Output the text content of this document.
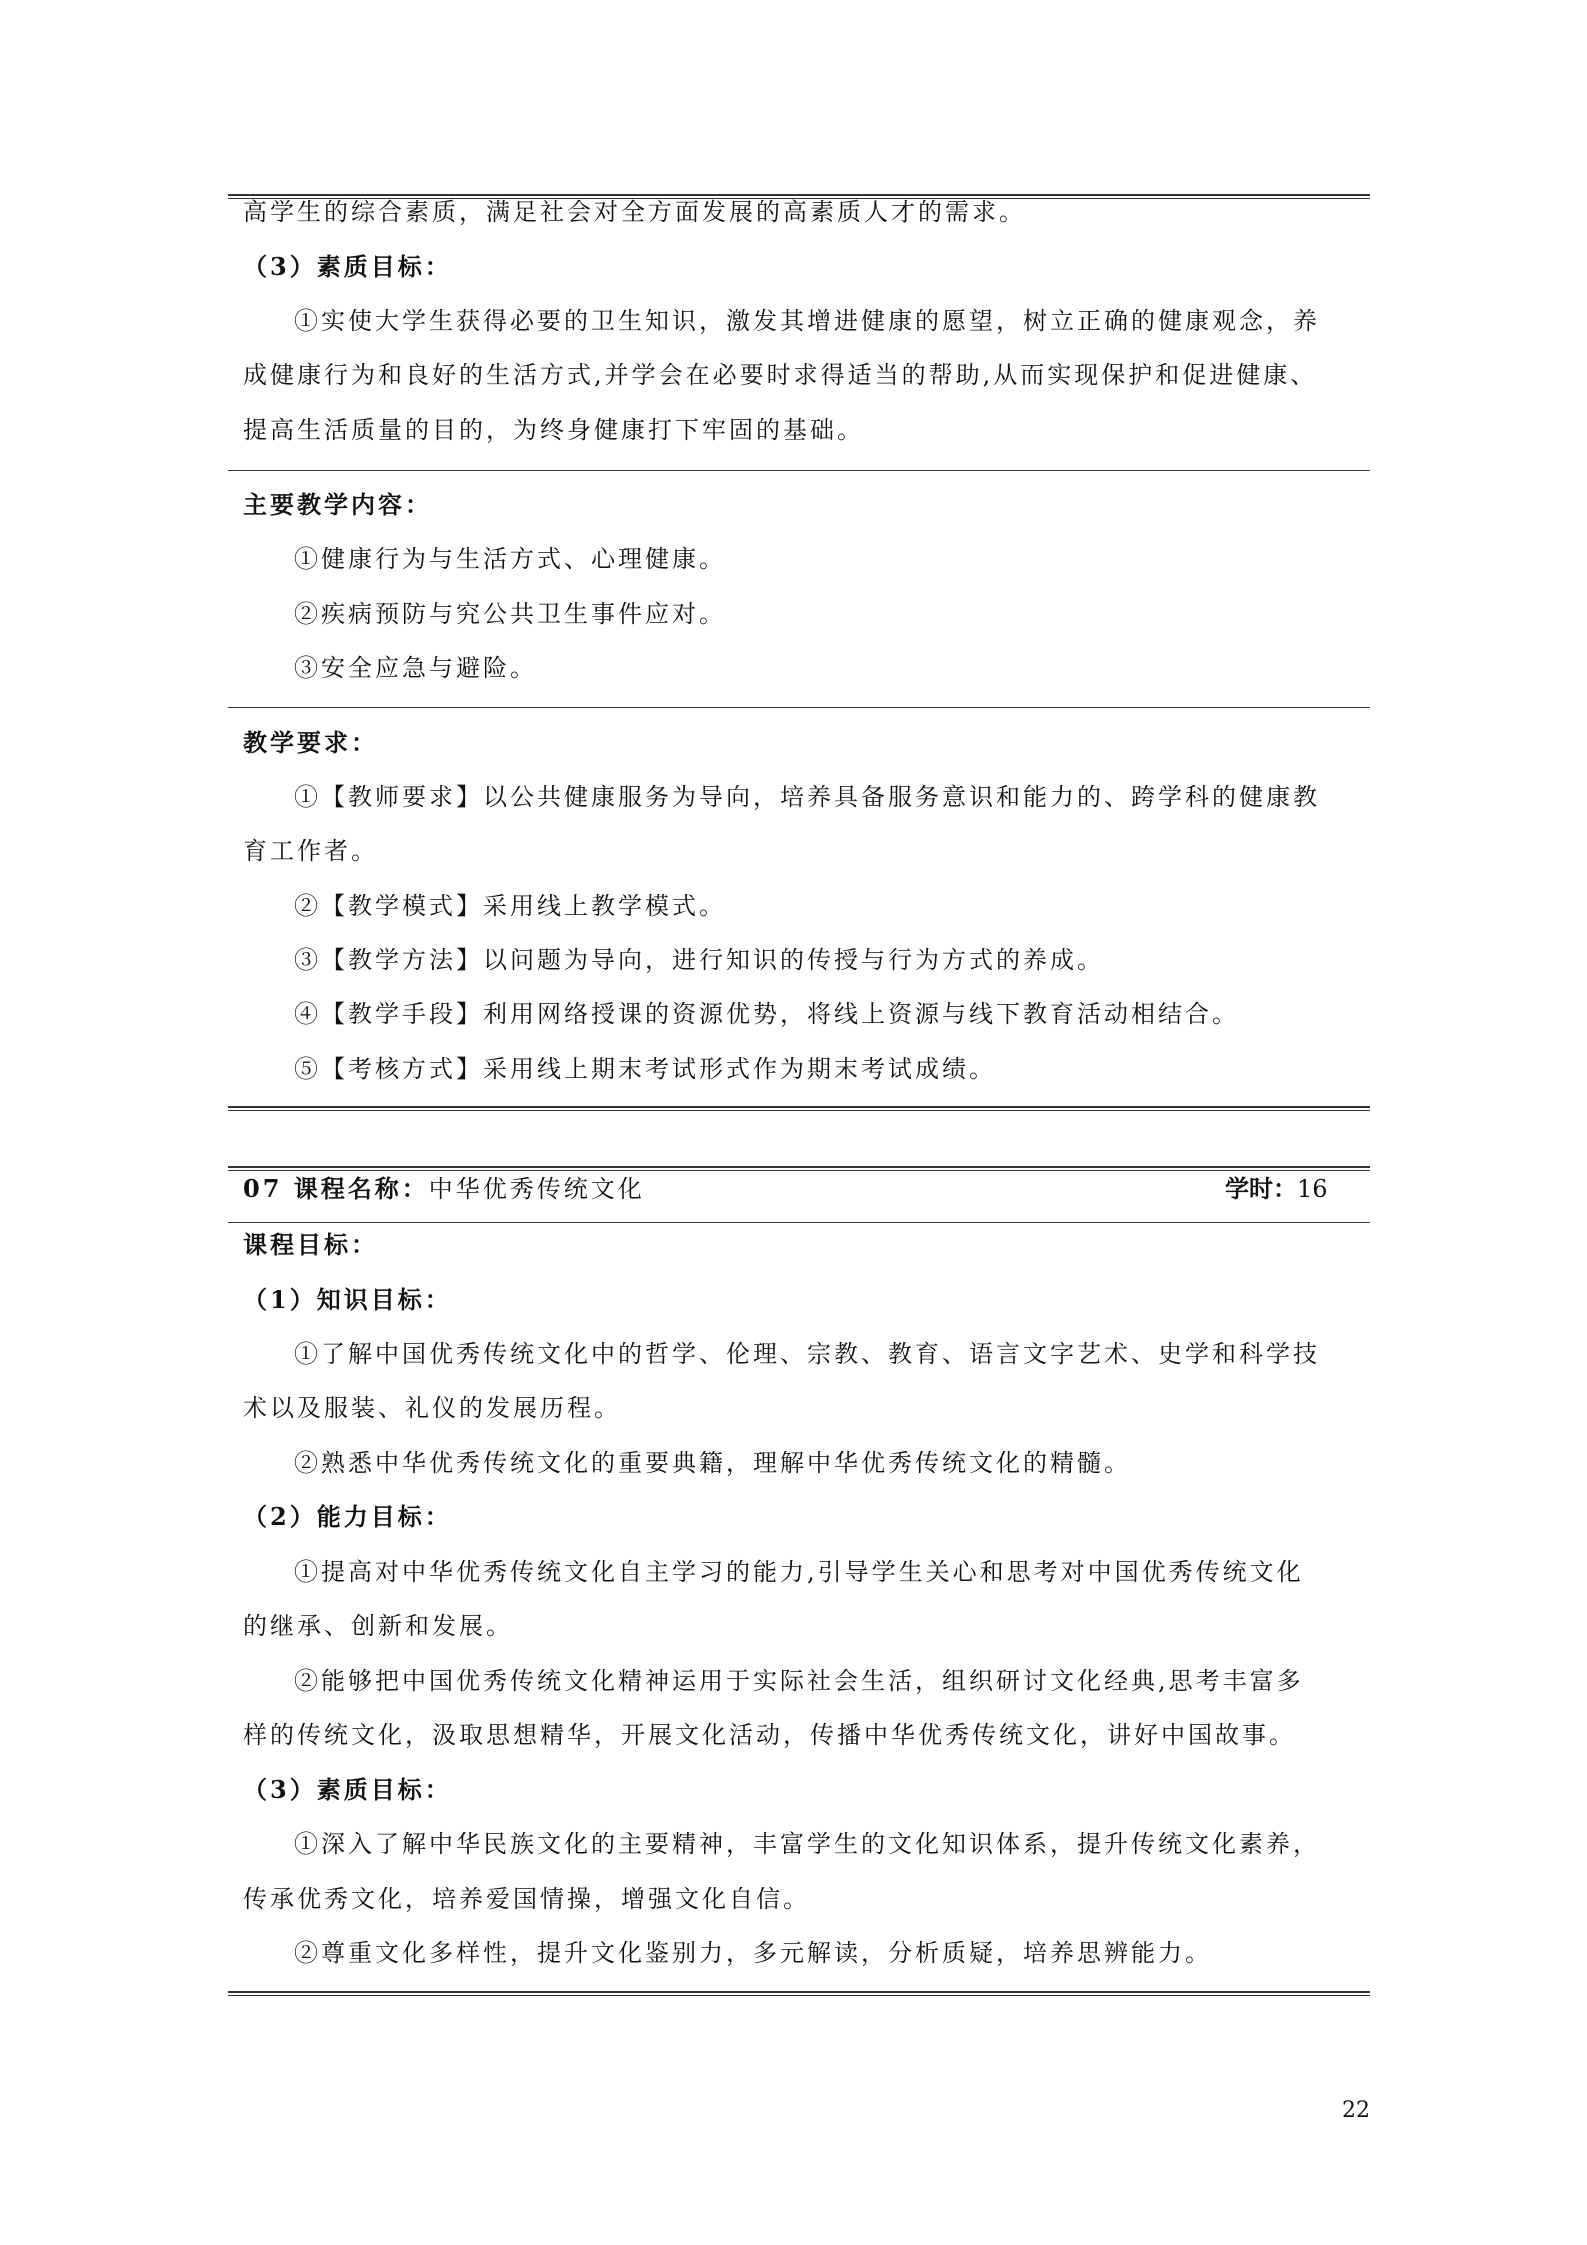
高学生的综合素质，满足社会对全方面发展的高素质人才的需求。
（3）素质目标：
①实使大学生获得必要的卫生知识，激发其增进健康的愿望，树立正确的健康观念，养
成健康行为和良好的生活方式,并学会在必要时求得适当的帮助,从而实现保护和促进健康、
提高生活质量的目的，为终身健康打下牢固的基础。
主要教学内容：
①健康行为与生活方式、心理健康。
②疾病预防与究公共卫生事件应对。
③安全应急与避险。
教学要求：
①【教师要求】以公共健康服务为导向，培养具备服务意识和能力的、跨学科的健康教
育工作者。
②【教学模式】采用线上教学模式。
③【教学方法】以问题为导向，进行知识的传授与行为方式的养成。
④【教学手段】利用网络授课的资源优势，将线上资源与线下教育活动相结合。
⑤【考核方式】采用线上期末考试形式作为期末考试成绩。
07 课程名称：中华优秀传统文化	学时：16
课程目标：
（1）知识目标：
①了解中国优秀传统文化中的哲学、伦理、宗教、教育、语言文字艺术、史学和科学技
术以及服装、礼仪的发展历程。
②熟悉中华优秀传统文化的重要典籍，理解中华优秀传统文化的精髓。
（2）能力目标：
①提高对中华优秀传统文化自主学习的能力,引导学生关心和思考对中国优秀传统文化
的继承、创新和发展。
②能够把中国优秀传统文化精神运用于实际社会生活，组织研讨文化经典,思考丰富多
样的传统文化，汲取思想精华，开展文化活动，传播中华优秀传统文化，讲好中国故事。
（3）素质目标：
①深入了解中华民族文化的主要精神，丰富学生的文化知识体系，提升传统文化素养，
传承优秀文化，培养爱国情操，增强文化自信。
②尊重文化多样性，提升文化鉴别力，多元解读，分析质疑，培养思辨能力。
22
